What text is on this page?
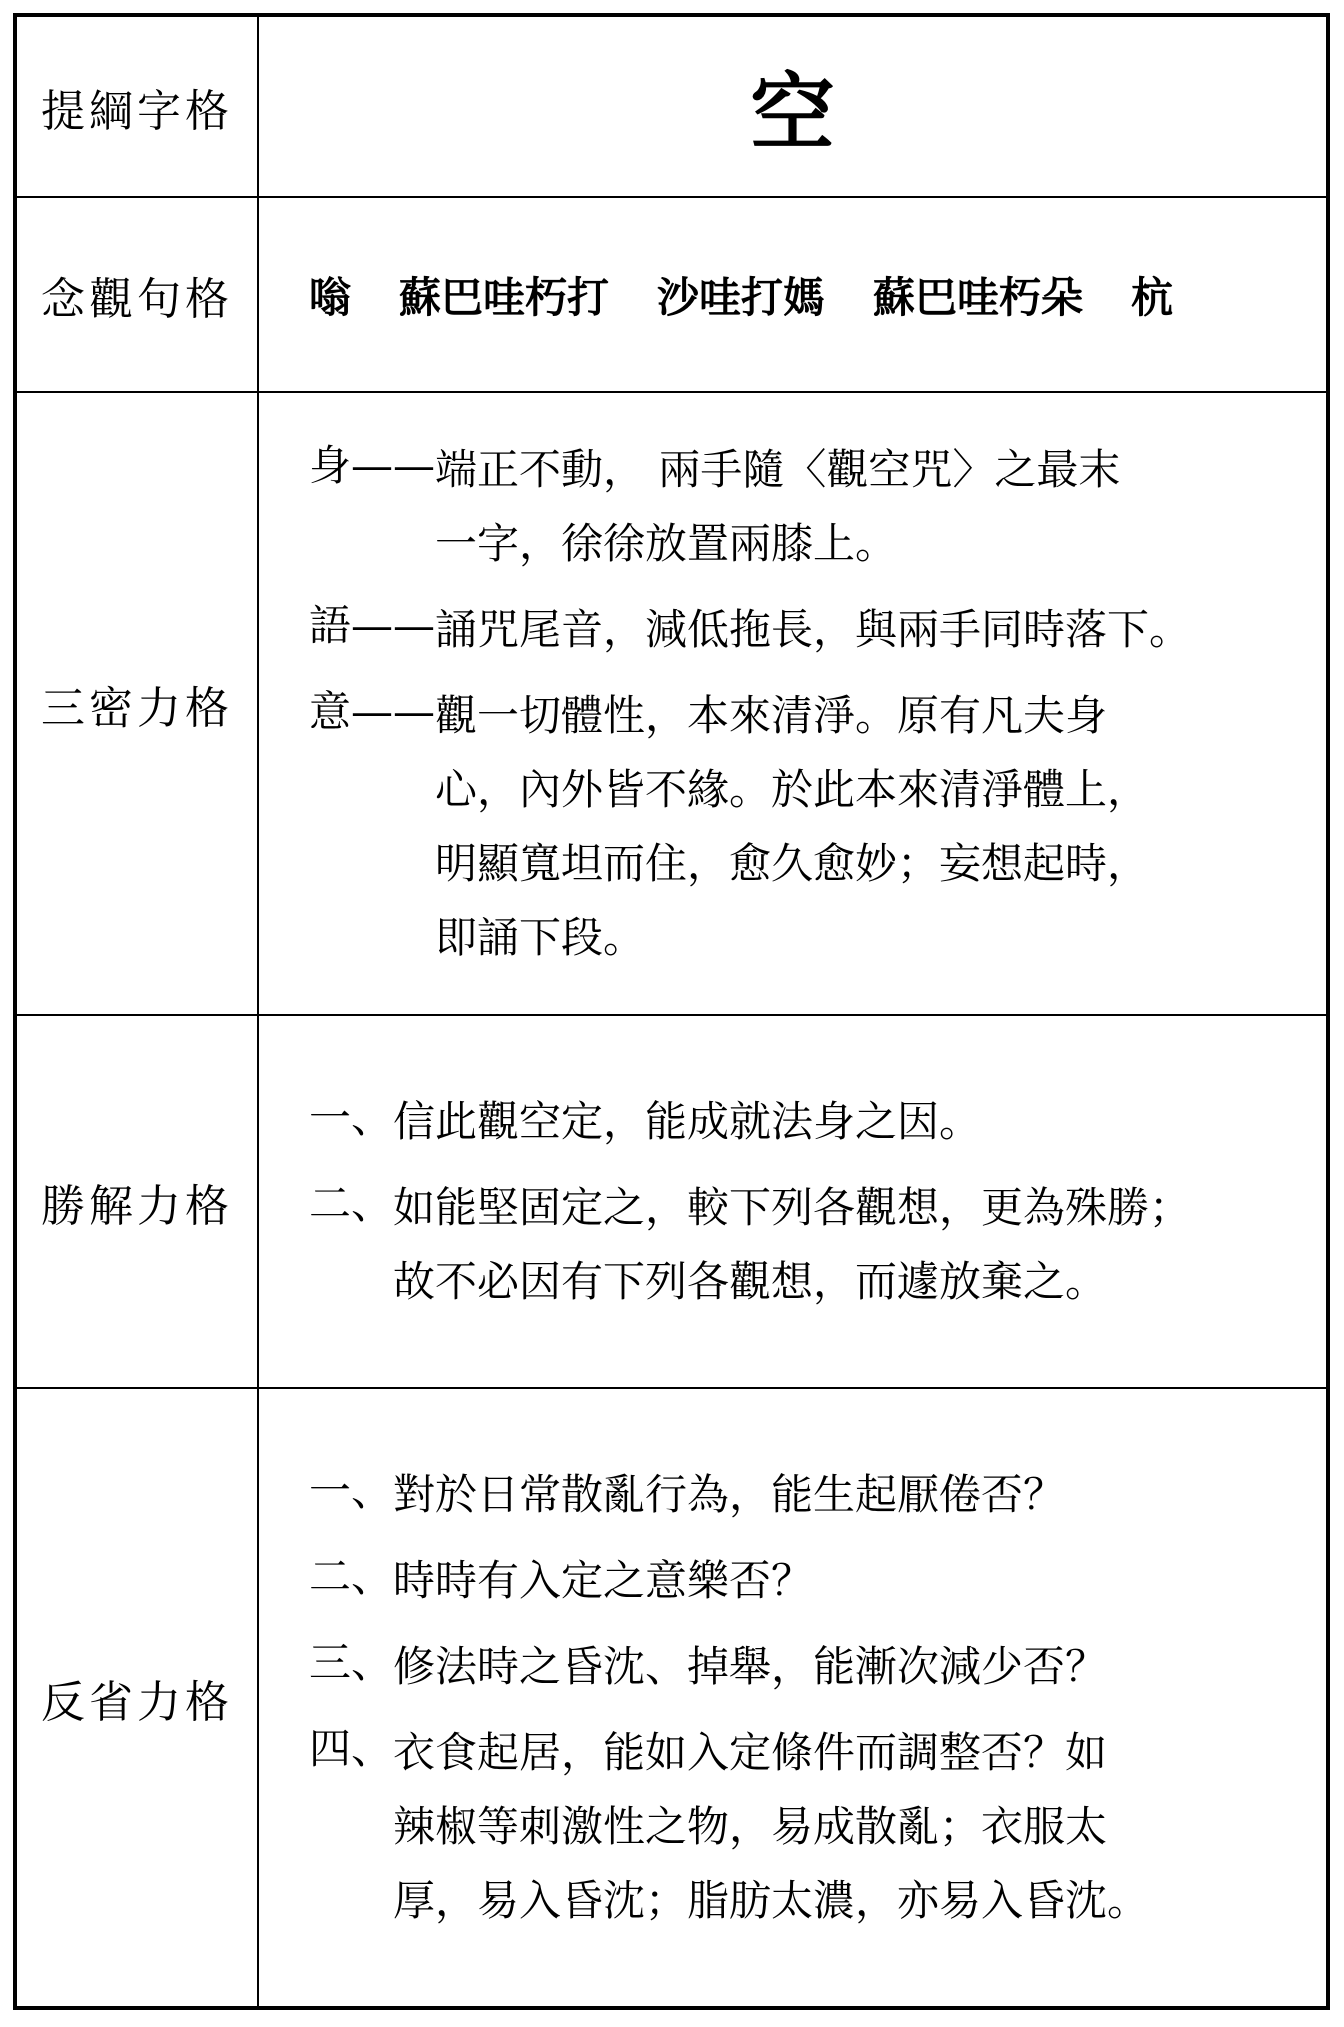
提綱字格	空
念觀句格	嗡 蘇巴哇朽打 沙哇打媽 蘇巴哇朽朵 杭
三密力格
身—— 端正不動， 兩手隨〈觀空咒〉之最末
一字，徐徐放置兩膝上。
語—— 誦咒尾音，減低拖長，與兩手同時落下。
意—— 觀一切體性，本來清淨。原有凡夫身
心，內外皆不緣。於此本來清淨體上，
明顯寬坦而住，愈久愈妙；妄想起時，
即誦下段。
勝解力格
一、 信此觀空定，能成就法身之因。
二、 如能堅固定之，較下列各觀想，更為殊勝；
故不必因有下列各觀想，而遽放棄之。
反省力格
一、 對於日常散亂行為，能生起厭倦否？
二、 時時有入定之意樂否？
三、 修法時之昏沈、掉舉，能漸次減少否？
四、 衣食起居，能如入定條件而調整否？如
辣椒等刺激性之物，易成散亂；衣服太
厚，易入昏沈；脂肪太濃，亦易入昏沈。
